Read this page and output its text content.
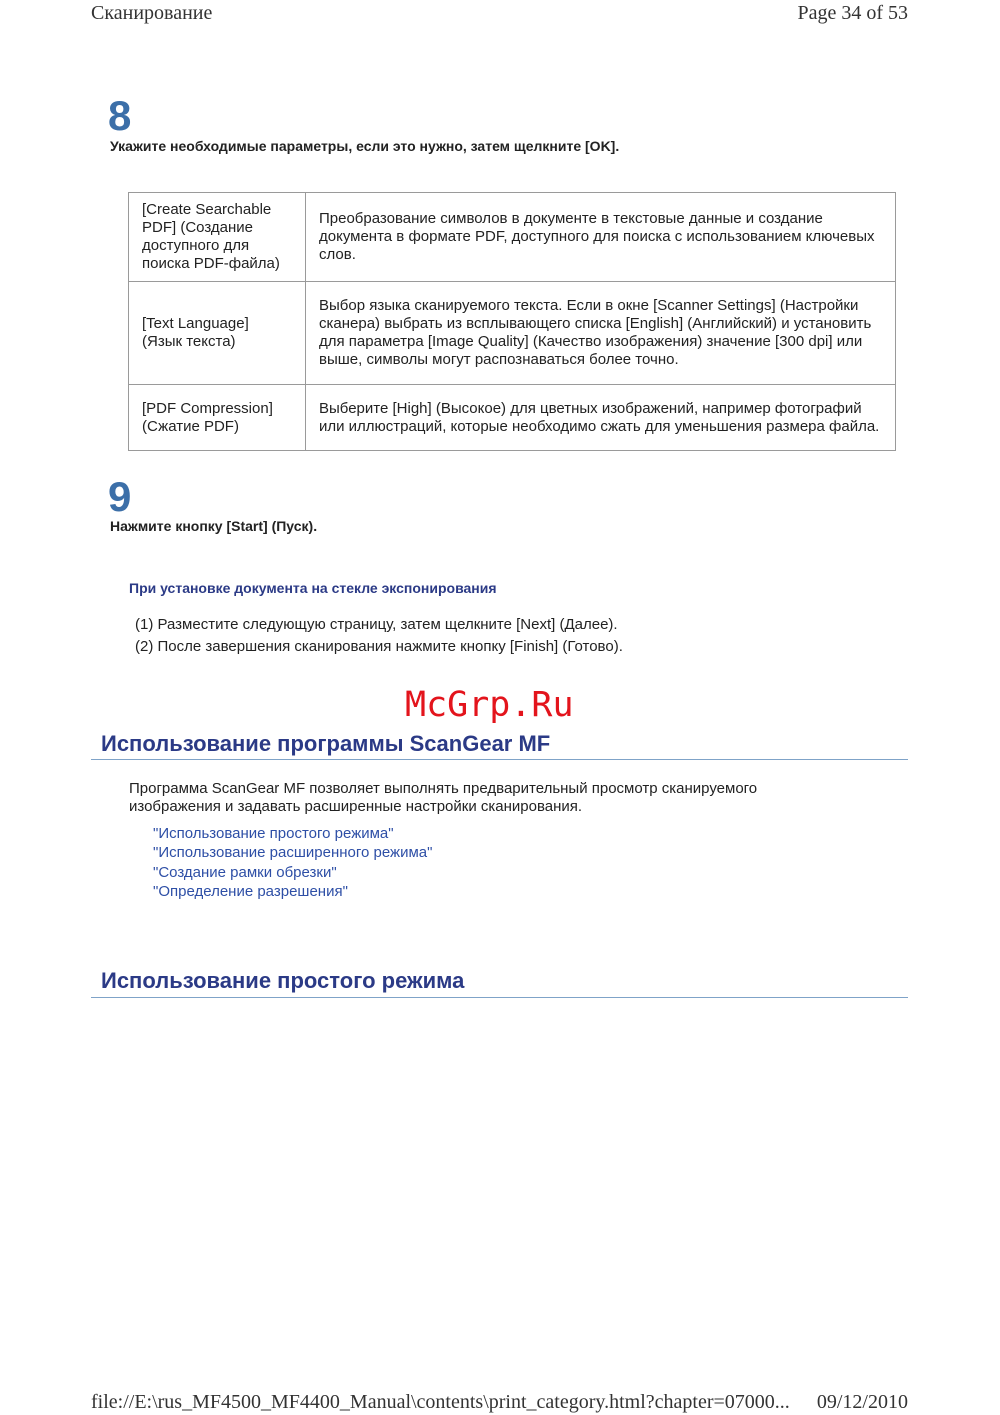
Сканирование	Page 34 of 53
8
Укажите необходимые параметры, если это нужно, затем щелкните [OK].
[Create Searchable PDF] (Создание доступного для поиска PDF-файла)	Преобразование символов в документе в текстовые данные и создание документа в формате PDF, доступного для поиска с использованием ключевых слов.
[Text Language] (Язык текста)	Выбор языка сканируемого текста. Если в окне [Scanner Settings] (Настройки сканера) выбрать из всплывающего списка [English] (Английский) и установить для параметра [Image Quality] (Качество изображения) значение [300 dpi] или выше, символы могут распознаваться более точно.
[PDF Compression] (Сжатие PDF)	Выберите [High] (Высокое) для цветных изображений, например фотографий или иллюстраций, которые необходимо сжать для уменьшения размера файла.
9
Нажмите кнопку [Start] (Пуск).
При установке документа на стекле экспонирования
(1) Разместите следующую страницу, затем щелкните [Next] (Далее).
(2) После завершения сканирования нажмите кнопку [Finish] (Готово).
McGrp.Ru
Использование программы ScanGear MF
Программа ScanGear MF позволяет выполнять предварительный просмотр сканируемого изображения и задавать расширенные настройки сканирования.
"Использование простого режима"
"Использование расширенного режима"
"Создание рамки обрезки"
"Определение разрешения"
Использование простого режима
file://E:\rus_MF4500_MF4400_Manual\contents\print_category.html?chapter=07000... 09/12/2010
